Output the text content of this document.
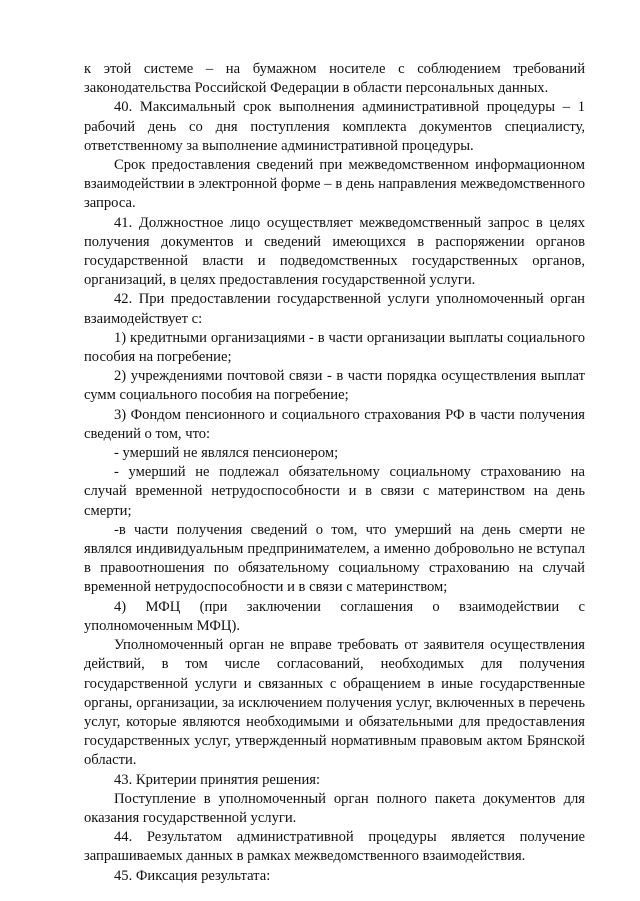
к этой системе – на бумажном носителе с соблюдением требований законодательства Российской Федерации в области персональных данных.

40. Максимальный срок выполнения административной процедуры – 1 рабочий день со дня поступления комплекта документов специалисту, ответственному за выполнение административной процедуры.

Срок предоставления сведений при межведомственном информационном взаимодействии в электронной форме – в день направления межведомственного запроса.

41. Должностное лицо осуществляет межведомственный запрос в целях получения документов и сведений имеющихся в распоряжении органов государственной власти и подведомственных государственных органов, организаций, в целях предоставления государственной услуги.

42. При предоставлении государственной услуги уполномоченный орган взаимодействует с:

1) кредитными организациями - в части организации выплаты социального пособия на погребение;

2) учреждениями почтовой связи - в части порядка осуществления выплат сумм социального пособия на погребение;

3) Фондом пенсионного и социального страхования РФ в части получения сведений о том, что:

- умерший не являлся пенсионером;

- умерший не подлежал обязательному социальному страхованию на случай временной нетрудоспособности и в связи с материнством на день смерти;

-в части получения сведений о том, что умерший на день смерти не являлся индивидуальным предпринимателем, а именно добровольно не вступал в правоотношения по обязательному социальному страхованию на случай временной нетрудоспособности и в связи с материнством;

4) МФЦ (при заключении соглашения о взаимодействии с уполномоченным МФЦ).

Уполномоченный орган не вправе требовать от заявителя осуществления действий, в том числе согласований, необходимых для получения государственной услуги и связанных с обращением в иные государственные органы, организации, за исключением получения услуг, включенных в перечень услуг, которые являются необходимыми и обязательными для предоставления государственных услуг, утвержденный нормативным правовым актом Брянской области.

43. Критерии принятия решения:

Поступление в уполномоченный орган полного пакета документов для оказания государственной услуги.

44. Результатом административной процедуры является получение запрашиваемых данных в рамках межведомственного взаимодействия.

45. Фиксация результата:
